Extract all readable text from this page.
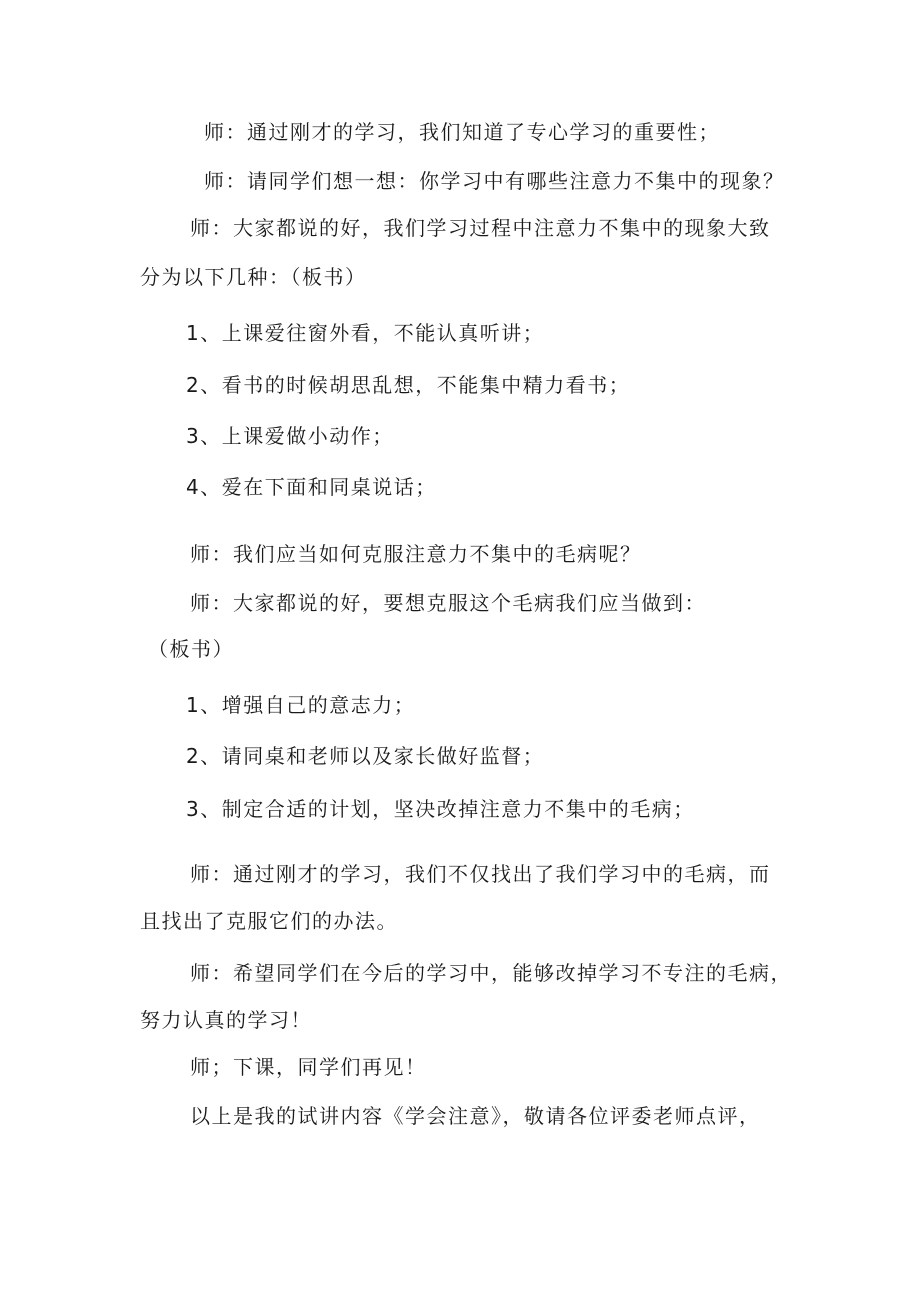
师：通过刚才的学习，我们知道了专心学习的重要性；
师：请同学们想一想：你学习中有哪些注意力不集中的现象？
师：大家都说的好，我们学习过程中注意力不集中的现象大致
分为以下几种：（板书）
1、上课爱往窗外看，不能认真听讲；
2、看书的时候胡思乱想，不能集中精力看书；
3、上课爱做小动作；
4、爱在下面和同桌说话；
师：我们应当如何克服注意力不集中的毛病呢？
师：大家都说的好，要想克服这个毛病我们应当做到：
（板书）
1、增强自己的意志力；
2、请同桌和老师以及家长做好监督；
3、制定合适的计划，坚决改掉注意力不集中的毛病；
师：通过刚才的学习，我们不仅找出了我们学习中的毛病，而
且找出了克服它们的办法。
师：希望同学们在今后的学习中，能够改掉学习不专注的毛病，
努力认真的学习！
师；下课，同学们再见！
以上是我的试讲内容《学会注意》，敬请各位评委老师点评，
